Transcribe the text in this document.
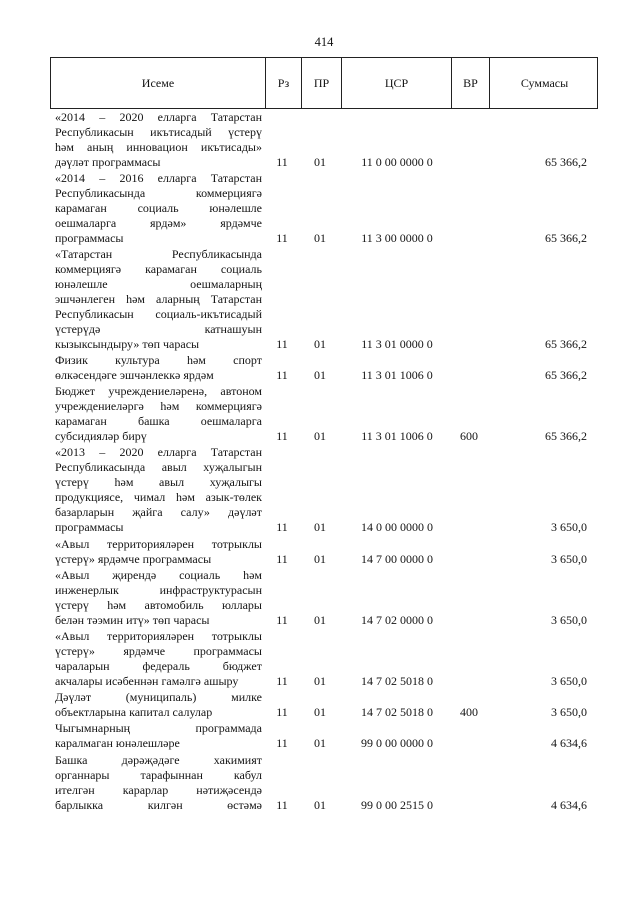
414
Исеме	Рз	ПР	ЦСР	ВР	Суммасы
«2014 – 2020 елларга Татарстан
Республикасын икътисадый үстерү
һәм аның инновацион икътисады»
дәүләт программасы	11	01	11 0 00 0000 0	65 366,2
«2014 – 2016 елларга Татарстан
Республикасында коммерциягә
карамаган социаль юнәлешле
оешмаларга ярдәм» ярдәмче
программасы	11	01	11 3 00 0000 0	65 366,2
«Татарстан Республикасында
коммерциягә карамаган социаль
юнәлешле оешмаларның
эшчәнлеген һәм аларның Татарстан
Республикасын социаль-икътисадый
үстерүдә катнашуын
кызыксындыру» төп чарасы	11	01	11 3 01 0000 0	65 366,2
Физик культура һәм спорт
өлкәсендәге эшчәнлеккә ярдәм	11	01	11 3 01 1006 0	65 366,2
Бюджет учреждениеләренә, автоном
учреждениеләргә һәм коммерциягә
карамаган башка оешмаларга
субсидияләр бирү	11	01	11 3 01 1006 0	600	65 366,2
«2013 – 2020 елларга Татарстан
Республикасында авыл хуҗалыгын
үстерү һәм авыл хуҗалыгы
продукциясе, чимал һәм азык-төлек
базарларын җайга салу» дәүләт
программасы	11	01	14 0 00 0000 0	3 650,0
«Авыл территорияләрен тотрыклы
үстерү» ярдәмче программасы	11	01	14 7 00 0000 0	3 650,0
«Авыл җирендә социаль һәм
инженерлык инфраструктурасын
үстерү һәм автомобиль юллары
белән тәэмин итү» төп чарасы	11	01	14 7 02 0000 0	3 650,0
«Авыл территорияләрен тотрыклы
үстерү» ярдәмче программасы
чараларын федераль бюджет
акчалары исәбеннән гамәлгә ашыру	11	01	14 7 02 5018 0	3 650,0
Дәүләт (муниципаль) милке
объектларына капитал салулар	11	01	14 7 02 5018 0	400	3 650,0
Чыгымнарның программада
каралмаган юнәлешләре	11	01	99 0 00 0000 0	4 634,6
Башка дәрәҗәдәге хакимият
органнары тарафыннан кабул
ителгән карарлар нәтиҗәсендә
барлыкка килгән өстәмә	11	01	99 0 00 2515 0	4 634,6
